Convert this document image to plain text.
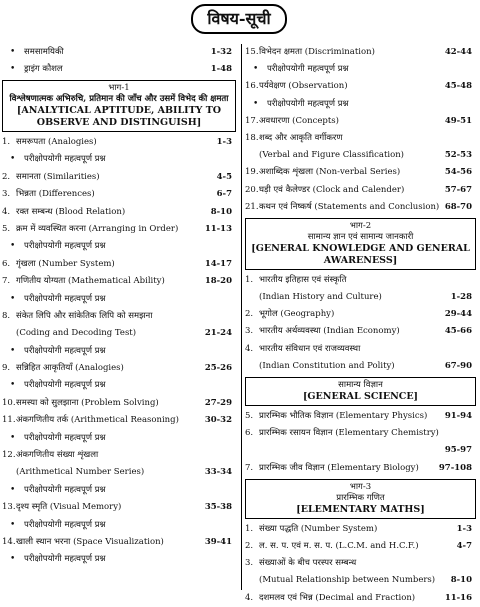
विषय-सूची
• समसामयिकी	1-32
• ड्राइंग कौशल	1-48
भाग-1
विश्लेषणात्मक अभिरुचि, प्रतिमान की जाँच और उसमें विभेद की क्षमता
[ANALYTICAL APTITUDE, ABILITY TO OBSERVE AND DISTINGUISH]
1. समरूपता (Analogies)	1-3
• परीक्षोपयोगी महत्वपूर्ण प्रश्न
2. समानता (Similarities)	4-5
3. भिन्नता (Differences)	6-7
4. रक्त सम्बन्ध (Blood Relation)	8-10
5. क्रम में व्यवस्थित करना (Arranging in Order)	11-13
• परीक्षोपयोगी महत्वपूर्ण प्रश्न
6. गृंखला (Number System)	14-17
7. गणितीय योग्यता (Mathematical Ability)	18-20
• परीक्षोपयोगी महत्वपूर्ण प्रश्न
8. संकेत लिपि और सांकेतिक लिपि को समझना
(Coding and Decoding Test)	21-24
• परीक्षोपयोगी महत्वपूर्ण प्रश्न
9. सन्निहित आकृतियाँ (Analogies)	25-26
• परीक्षोपयोगी महत्वपूर्ण प्रश्न
10. समस्या को सुलझाना (Problem Solving)	27-29
11. अंकगणितीय तर्क (Arithmetical Reasoning)	30-32
• परीक्षोपयोगी महत्वपूर्ण प्रश्न
12. अंकगणितीय संख्या शृंखला
(Arithmetical Number Series)	33-34
• परीक्षोपयोगी महत्वपूर्ण प्रश्न
13. दृश्य स्मृति (Visual Memory)	35-38
• परीक्षोपयोगी महत्वपूर्ण प्रश्न
14. खाली स्थान भरना (Space Visualization)	39-41
• परीक्षोपयोगी महत्वपूर्ण प्रश्न
15. विभेदन क्षमता (Discrimination)	42-44
• परीक्षोपयोगी महत्वपूर्ण प्रश्न
16. पर्यवेक्षण (Observation)	45-48
• परीक्षोपयोगी महत्वपूर्ण प्रश्न
17. अवधारणा (Concepts)	49-51
18. शब्द और आकृति वर्गीकरण
(Verbal and Figure Classification)	52-53
19. अशाब्दिक शृंखला (Non-verbal Series)	54-56
20. घड़ी एवं कैलेण्डर (Clock and Calender)	57-67
21. कथन एवं निष्कर्ष (Statements and Conclusion) 68-70
भाग-2
सामान्य ज्ञान एवं सामान्य जानकारी
[GENERAL KNOWLEDGE AND GENERAL AWARENESS]
1. भारतीय इतिहास एवं संस्कृति
(Indian History and Culture)	1-28
2. भूगोल (Geography)	29-44
3. भारतीय अर्थव्यवस्था (Indian Economy)	45-66
4. भारतीय संविधान एवं राजव्यवस्था
(Indian Constitution and Polity)	67-90
सामान्य विज्ञान
[GENERAL SCIENCE]
5. प्रारम्भिक भौतिक विज्ञान (Elementary Physics) 91-94
6. प्रारम्भिक रसायन विज्ञान (Elementary Chemistry)
95-97
7. प्रारम्भिक जीव विज्ञान (Elementary Biology) 97-108
भाग-3
प्रारम्भिक गणित
[ELEMENTARY MATHS]
1. संख्या पद्धति (Number System)	1-3
2. ल. स. प. एवं म. स. प. (L.C.M. and H.C.F.)	4-7
3. संख्याओं के बीच परस्पर सम्बन्ध
(Mutual Relationship between Numbers) 8-10
4. दशमलव एवं भिन्न (Decimal and Fraction)	11-16
